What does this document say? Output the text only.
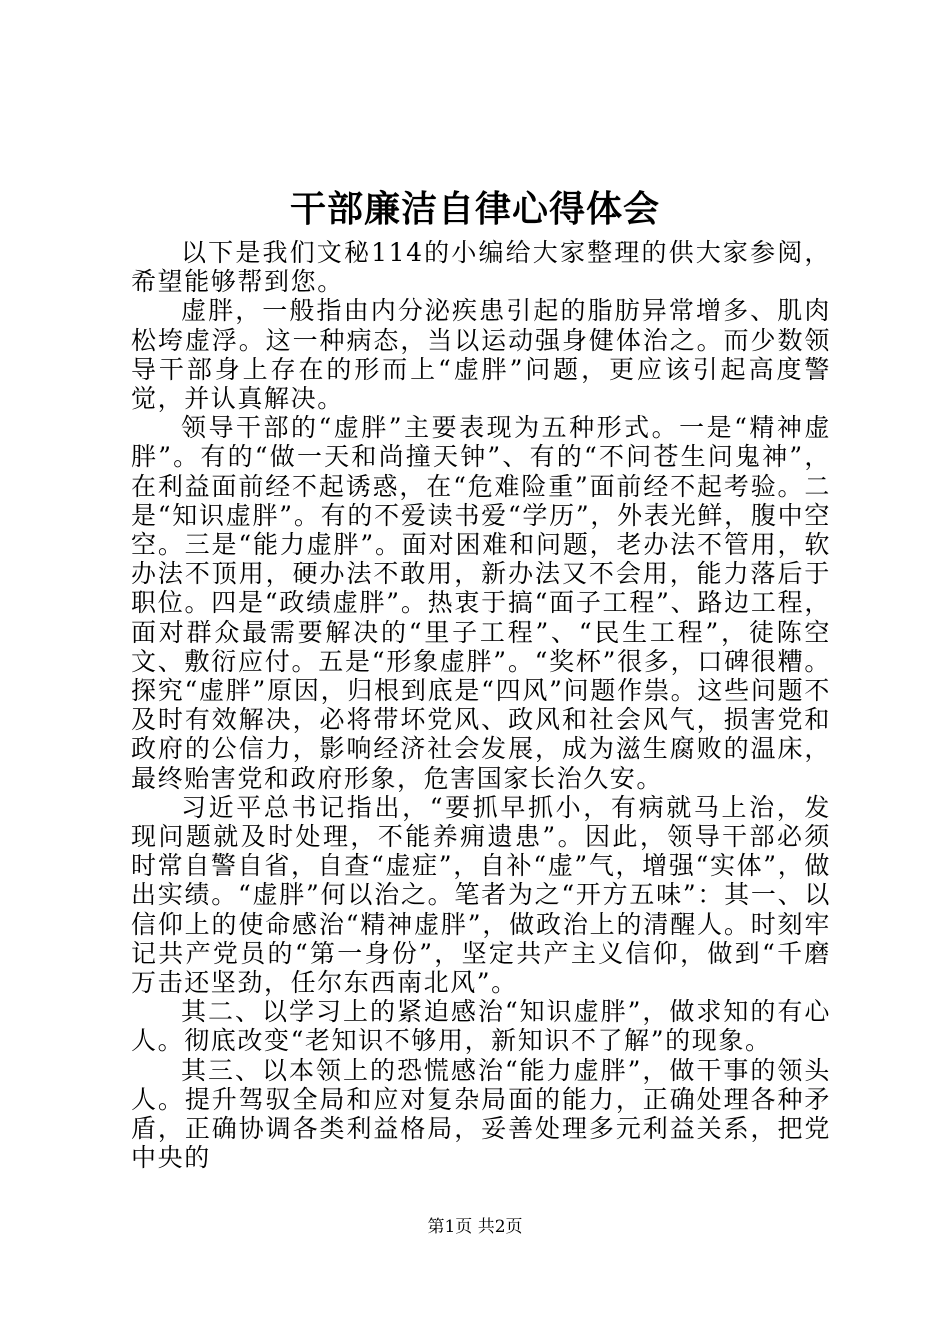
干部廉洁自律心得体会

以下是我们文秘114的小编给大家整理的供大家参阅，希望能够帮到您。

虚胖，一般指由内分泌疾患引起的脂肪异常增多、肌肉松垮虚浮。这一种病态，当以运动强身健体治之。而少数领导干部身上存在的形而上“虚胖”问题，更应该引起高度警觉，并认真解决。

领导干部的“虚胖”主要表现为五种形式。一是“精神虚胖”。有的“做一天和尚撞天钟”、有的“不问苍生问鬼神”，在利益面前经不起诱惑，在“危难险重”面前经不起考验。二是“知识虚胖”。有的不爱读书爱“学历”，外表光鲜，腹中空空。三是“能力虚胖”。面对困难和问题，老办法不管用，软办法不顶用，硬办法不敢用，新办法又不会用，能力落后于职位。四是“政绩虚胖”。热衷于搞“面子工程”、路边工程，面对群众最需要解决的“里子工程”、“民生工程”，徒陈空文、敷衍应付。五是“形象虚胖”。“奖杯”很多，口碑很糟。探究“虚胖”原因，归根到底是“四风”问题作祟。这些问题不及时有效解决，必将带坏党风、政风和社会风气，损害党和政府的公信力，影响经济社会发展，成为滋生腐败的温床，最终贻害党和政府形象，危害国家长治久安。

习近平总书记指出，“要抓早抓小，有病就马上治，发现问题就及时处理，不能养痈遗患”。因此，领导干部必须时常自警自省，自查“虚症”，自补“虚”气，增强“实体”，做出实绩。“虚胖”何以治之。笔者为之“开方五味”：其一、以信仰上的使命感治“精神虚胖”，做政治上的清醒人。时刻牢记共产党员的“第一身份”，坚定共产主义信仰，做到“千磨万击还坚劲，任尔东西南北风”。

其二、以学习上的紧迫感治“知识虚胖”，做求知的有心人。彻底改变“老知识不够用，新知识不了解”的现象。

其三、以本领上的恐慌感治“能力虚胖”，做干事的领头人。提升驾驭全局和应对复杂局面的能力，正确处理各种矛盾，正确协调各类利益格局，妥善处理多元利益关系，把党中央的

第1页 共2页
